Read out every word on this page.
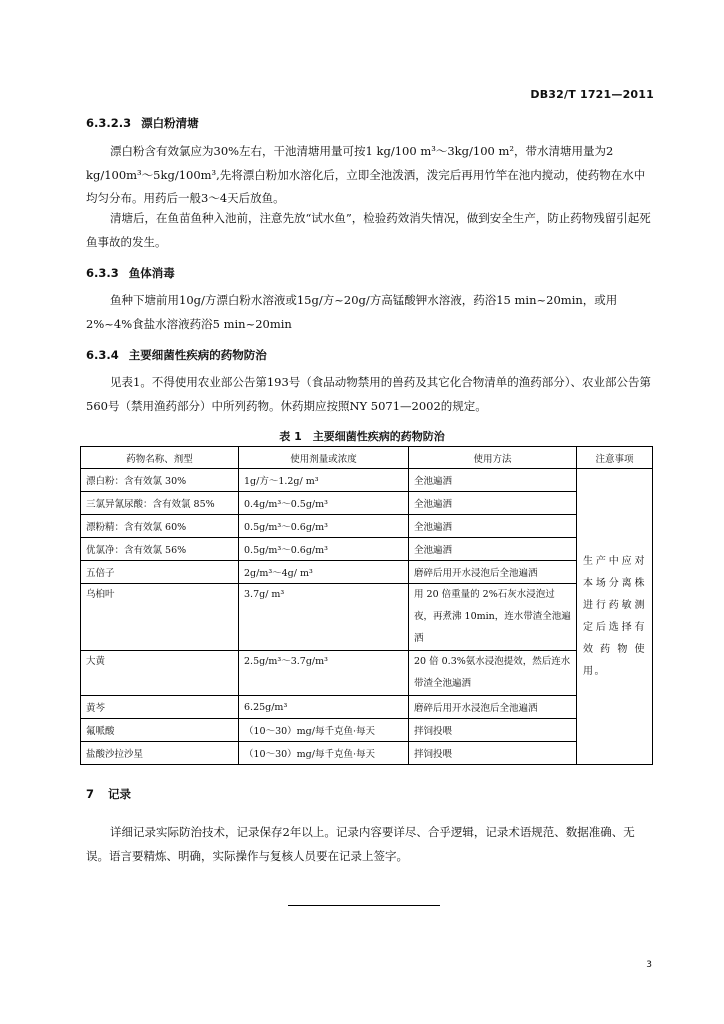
DB32/T 1721—2011
6.3.2.3 漂白粉清塘

漂白粉含有效氯应为30%左右，干池清塘用量可按1 kg/100 m³～3kg/100 m²，带水清塘用量为2 kg/100m³～5kg/100m³,先将漂白粉加水溶化后，立即全池泼洒，泼完后再用竹竿在池内搅动，使药物在水中均匀分布。用药后一般3～4天后放鱼。

清塘后，在鱼苗鱼种入池前，注意先放“试水鱼”，检验药效消失情况，做到安全生产，防止药物残留引起死鱼事故的发生。

6.3.3 鱼体消毒

鱼种下塘前用10g/方漂白粉水溶液或15g/方~20g/方高锰酸钾水溶液，药浴15 min~20min，或用2%~4%食盐水溶液药浴5 min~20min

6.3.4 主要细菌性疾病的药物防治

见表1。不得使用农业部公告第193号（食品动物禁用的兽药及其它化合物清单的渔药部分）、农业部公告第560号（禁用渔药部分）中所列药物。休药期应按照NY 5071—2002的规定。

表 1　主要细菌性疾病的药物防治
药物名称、剂型	使用剂量或浓度	使用方法	注意事项
漂白粉：含有效氯 30%	1g/方～1.2g/ m³	全池遍洒	生产中应对本场分离株进行药敏测定后选择有效药物使用。
三氯异氰尿酸：含有效氯 85%	0.4g/m³～0.5g/m³	全池遍洒	
漂粉精：含有效氯 60%	0.5g/m³～0.6g/m³	全池遍洒	
优氯净：含有效氯 56%	0.5g/m³～0.6g/m³	全池遍洒	
五倍子	2g/m³～4g/ m³	磨碎后用开水浸泡后全池遍洒	
乌桕叶	3.7g/ m³	用 20 倍重量的 2%石灰水浸泡过夜，再煮沸 10min，连水带渣全池遍洒	
大黄	2.5g/m³～3.7g/m³	20 倍 0.3%氨水浸泡提效，然后连水带渣全池遍洒	
黄芩	6.25g/m³	磨碎后用开水浸泡后全池遍洒	
氟哌酸	（10～30）mg/每千克鱼·每天	拌饲投喂	
盐酸沙拉沙星	（10～30）mg/每千克鱼·每天	拌饲投喂	
7 记录

详细记录实际防治技术，记录保存2年以上。记录内容要详尽、合乎逻辑，记录术语规范、数据准确、无误。语言要精炼、明确，实际操作与复核人员要在记录上签字。

3
